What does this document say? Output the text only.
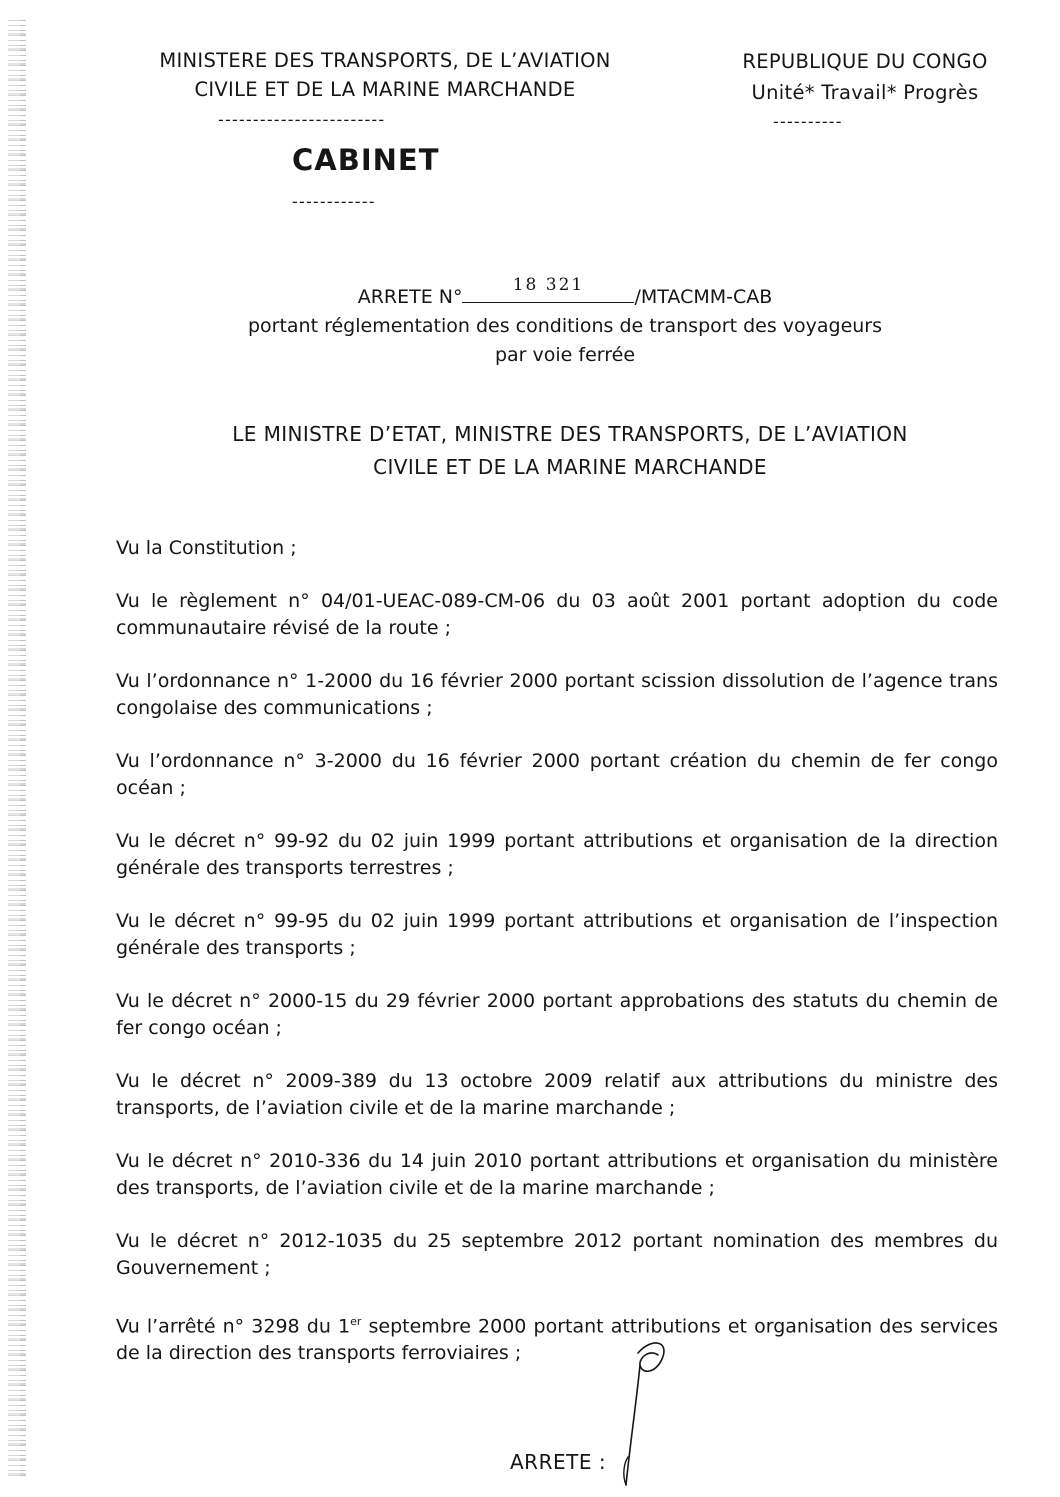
MINISTERE DES TRANSPORTS, DE L’AVIATION
CIVILE ET DE LA MARINE MARCHANDE
------------------------
REPUBLIQUE DU CONGO
Unité* Travail* Progrès
----------
CABINET
------------
ARRETE N°
18 321
/MTACMM-CAB
portant réglementation des conditions de transport des voyageurs
par voie ferrée
LE MINISTRE D’ETAT, MINISTRE DES TRANSPORTS, DE L’AVIATION
CIVILE ET DE LA MARINE MARCHANDE

Vu la Constitution ;

Vu le règlement n° 04/01-UEAC-089-CM-06 du 03 août 2001 portant adoption du code communautaire révisé de la route ;

Vu l’ordonnance n° 1-2000 du 16 février 2000 portant scission dissolution de l’agence trans congolaise des communications ;

Vu l’ordonnance n° 3-2000 du 16 février 2000 portant création du chemin de fer congo océan ;

Vu le décret n° 99-92 du 02 juin 1999 portant attributions et organisation de la direction générale des transports terrestres ;

Vu le décret n° 99-95 du 02 juin 1999 portant attributions et organisation de l’inspection générale des transports ;

Vu le décret n° 2000-15 du 29 février 2000 portant approbations des statuts du chemin de fer congo océan ;

Vu le décret n° 2009-389 du 13 octobre 2009 relatif aux attributions du ministre des transports, de l’aviation civile et de la marine marchande ;

Vu le décret n° 2010-336 du 14 juin 2010 portant attributions et organisation du ministère des transports, de l’aviation civile et de la marine marchande ;

Vu le décret n° 2012-1035 du 25 septembre 2012 portant nomination des membres du Gouvernement ;

Vu l’arrêté n° 3298 du 1er septembre 2000 portant attributions et organisation des services de la direction des transports ferroviaires ;

ARRETE :
